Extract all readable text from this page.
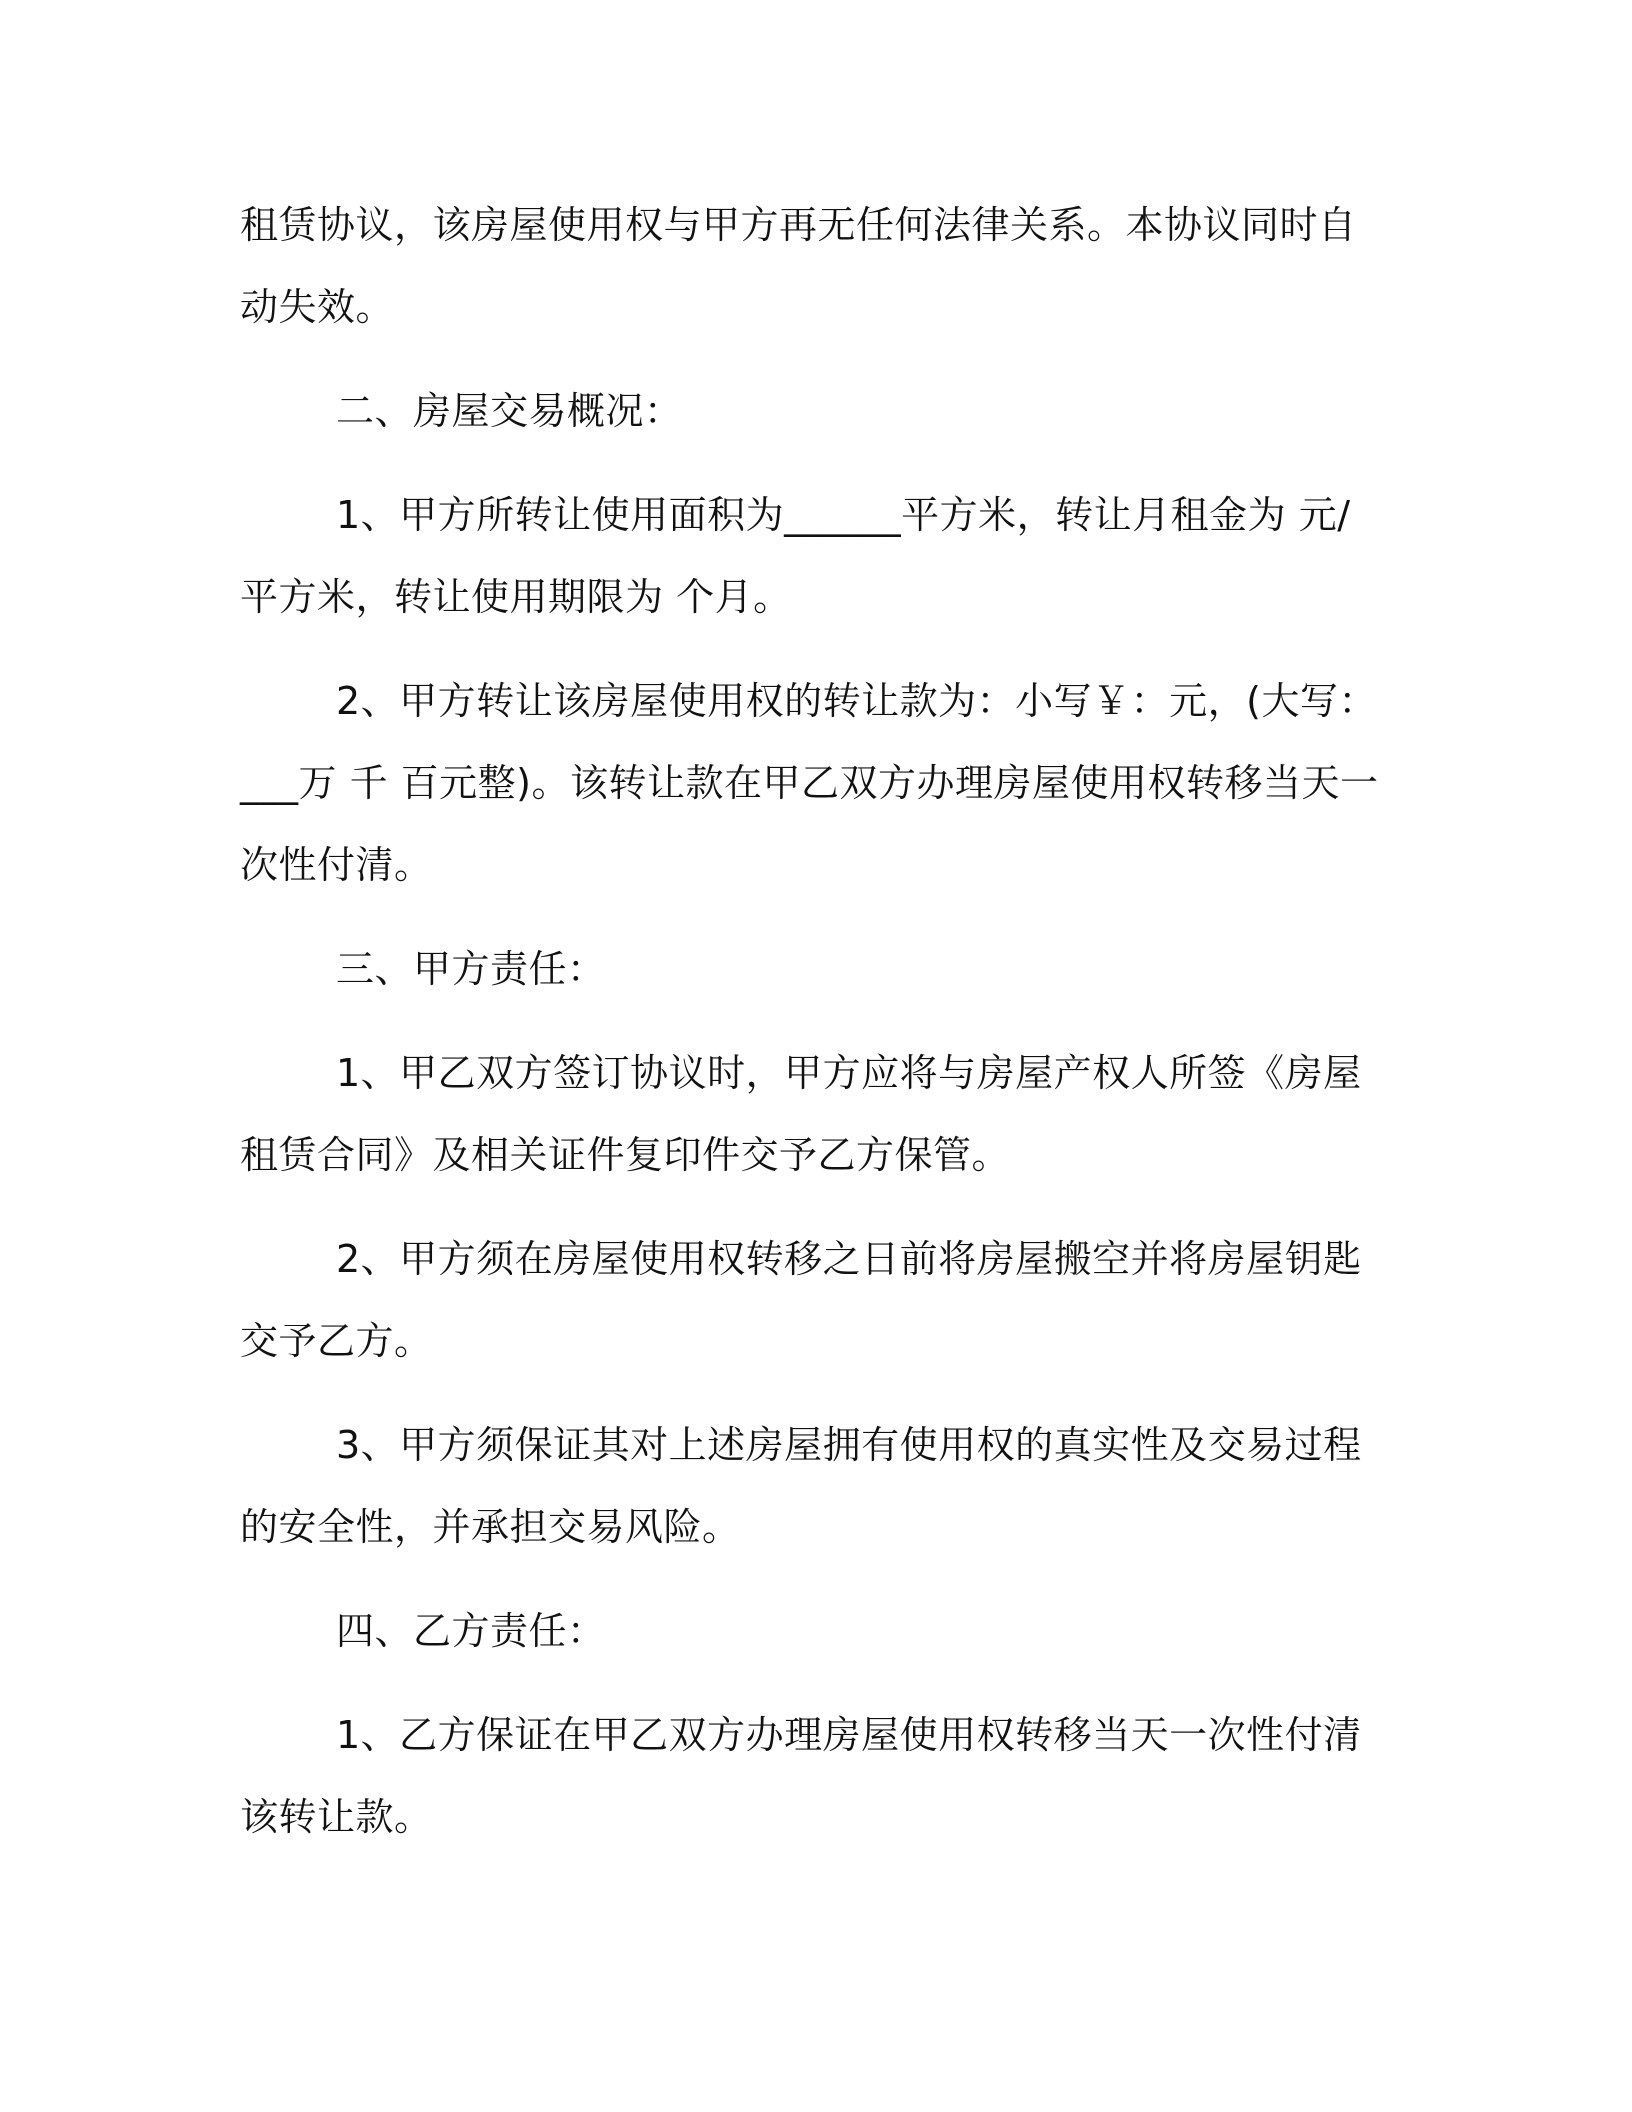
租赁协议，该房屋使用权与甲方再无任何法律关系。本协议同时自动失效。

二、房屋交易概况：

1、甲方所转让使用面积为______平方米，转让月租金为 元/平方米，转让使用期限为 个月。

2、甲方转让该房屋使用权的转让款为：小写￥：元，(大写：___万 千 百元整)。该转让款在甲乙双方办理房屋使用权转移当天一次性付清。

三、甲方责任：

1、甲乙双方签订协议时，甲方应将与房屋产权人所签《房屋租赁合同》及相关证件复印件交予乙方保管。

2、甲方须在房屋使用权转移之日前将房屋搬空并将房屋钥匙交予乙方。

3、甲方须保证其对上述房屋拥有使用权的真实性及交易过程的安全性，并承担交易风险。

四、乙方责任：

1、乙方保证在甲乙双方办理房屋使用权转移当天一次性付清该转让款。
